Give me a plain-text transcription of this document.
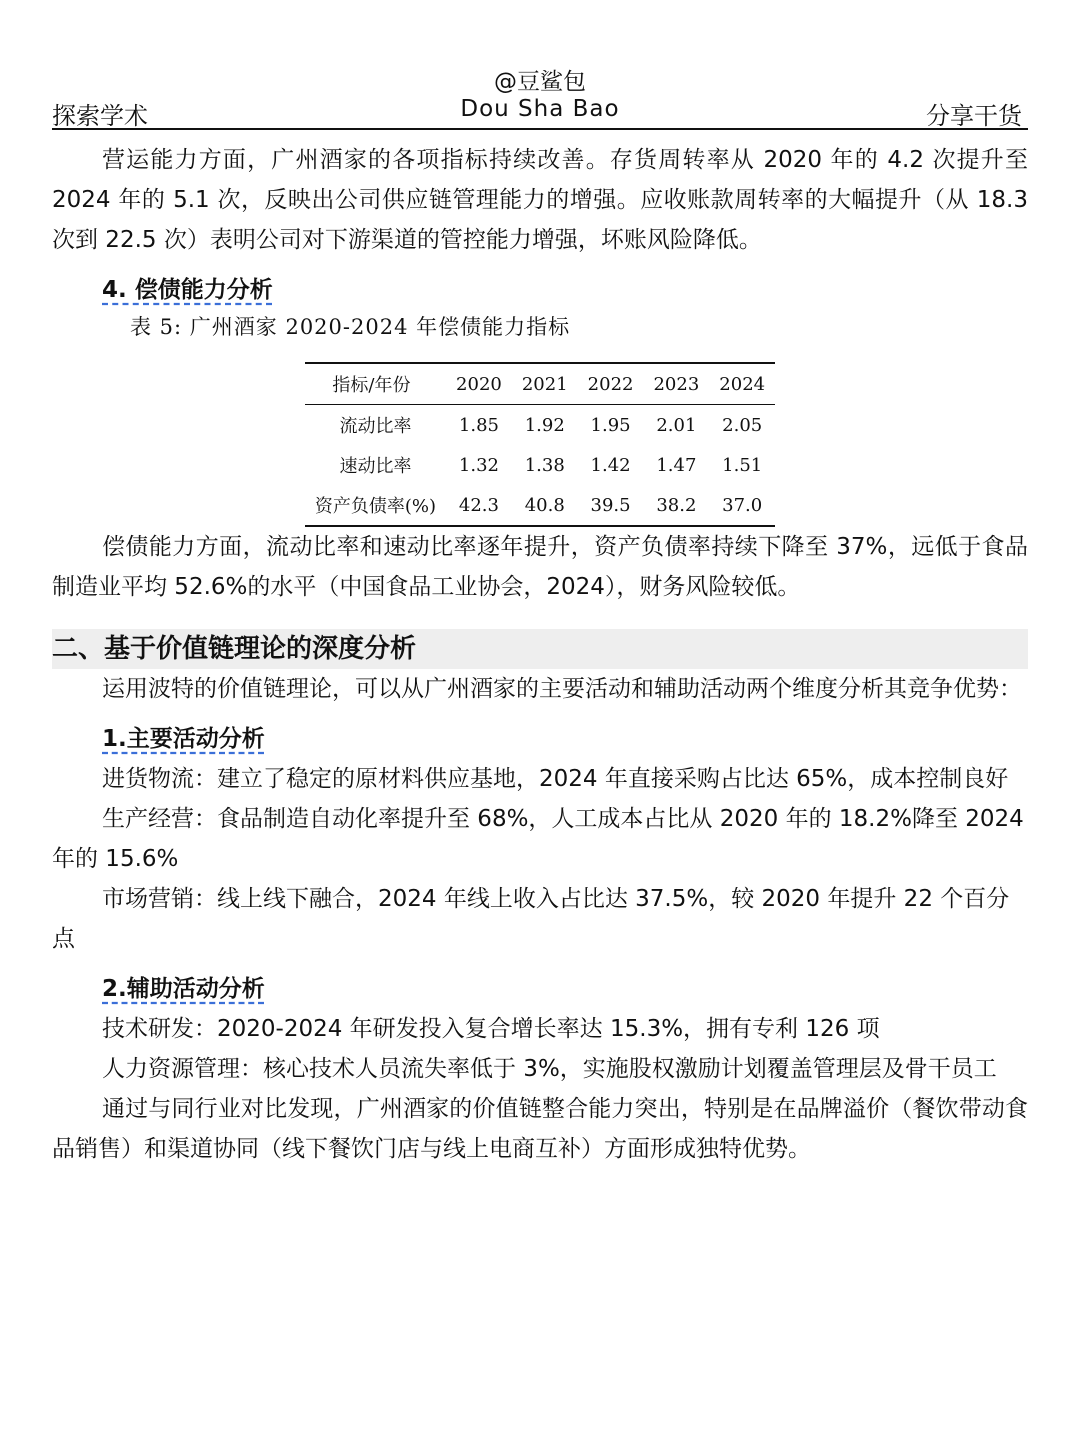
@豆鲨包
Dou Sha Bao
探索学术	分享干货

营运能力方面，广州酒家的各项指标持续改善。存货周转率从 2020 年的 4.2 次提升至 2024 年的 5.1 次，反映出公司供应链管理能力的增强。应收账款周转率的大幅提升（从 18.3 次到 22.5 次）表明公司对下游渠道的管控能力增强，坏账风险降低。

4. 偿债能力分析
表 5: 广州酒家 2020-2024 年偿债能力指标
指标/年份	2020	2021	2022	2023	2024
流动比率	1.85	1.92	1.95	2.01	2.05
速动比率	1.32	1.38	1.42	1.47	1.51
资产负债率(%)	42.3	40.8	39.5	38.2	37.0

偿债能力方面，流动比率和速动比率逐年提升，资产负债率持续下降至 37%，远低于食品制造业平均 52.6%的水平（中国食品工业协会，2024），财务风险较低。

二、基于价值链理论的深度分析

运用波特的价值链理论，可以从广州酒家的主要活动和辅助活动两个维度分析其竞争优势：

1.主要活动分析

进货物流：建立了稳定的原材料供应基地，2024 年直接采购占比达 65%，成本控制良好

生产经营：食品制造自动化率提升至 68%，人工成本占比从 2020 年的 18.2%降至 2024 年的 15.6%

市场营销：线上线下融合，2024 年线上收入占比达 37.5%，较 2020 年提升 22 个百分点

2.辅助活动分析

技术研发：2020-2024 年研发投入复合增长率达 15.3%，拥有专利 126 项

人力资源管理：核心技术人员流失率低于 3%，实施股权激励计划覆盖管理层及骨干员工

通过与同行业对比发现，广州酒家的价值链整合能力突出，特别是在品牌溢价（餐饮带动食品销售）和渠道协同（线下餐饮门店与线上电商互补）方面形成独特优势。
